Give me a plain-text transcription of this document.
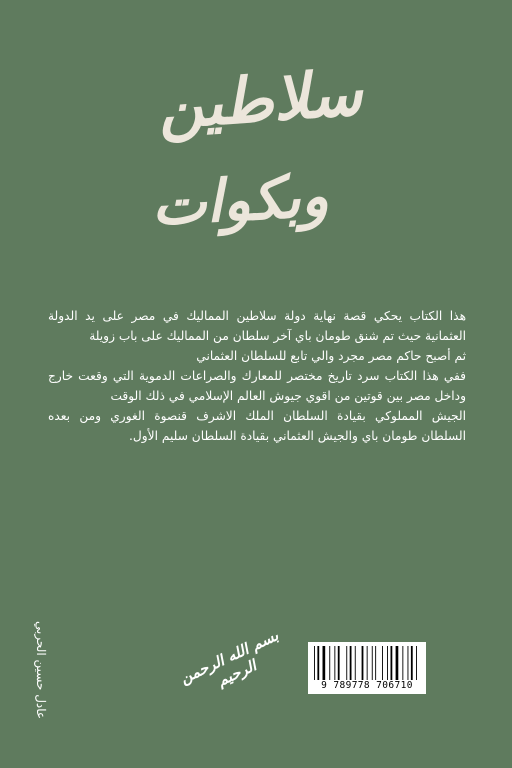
سلاطين
وبكوات

هذا الكتاب يحكي قصة نهاية دولة سلاطين المماليك في مصر على يد الدولة العثمانية حيث تم شنق طومان باي آخر سلطان من المماليك على باب زويلة

ثم أصبح حاكم مصر مجرد والي تابع للسلطان العثماني

ففي هذا الكتاب سرد تاريخ مختصر للمعارك والصراعات الدموية التي وقعت خارج وداخل مصر بين قوتين من اقوي جيوش العالم الإسلامي في ذلك الوقت

الجيش المملوكي بقيادة السلطان الملك الاشرف قنصوة الغوري ومن بعده السلطان طومان باي والجيش العثماني بقيادة السلطان سليم الأول.

عادل حسين الحربي	بسم الله الرحمن الرحيم	9 789778 706710
